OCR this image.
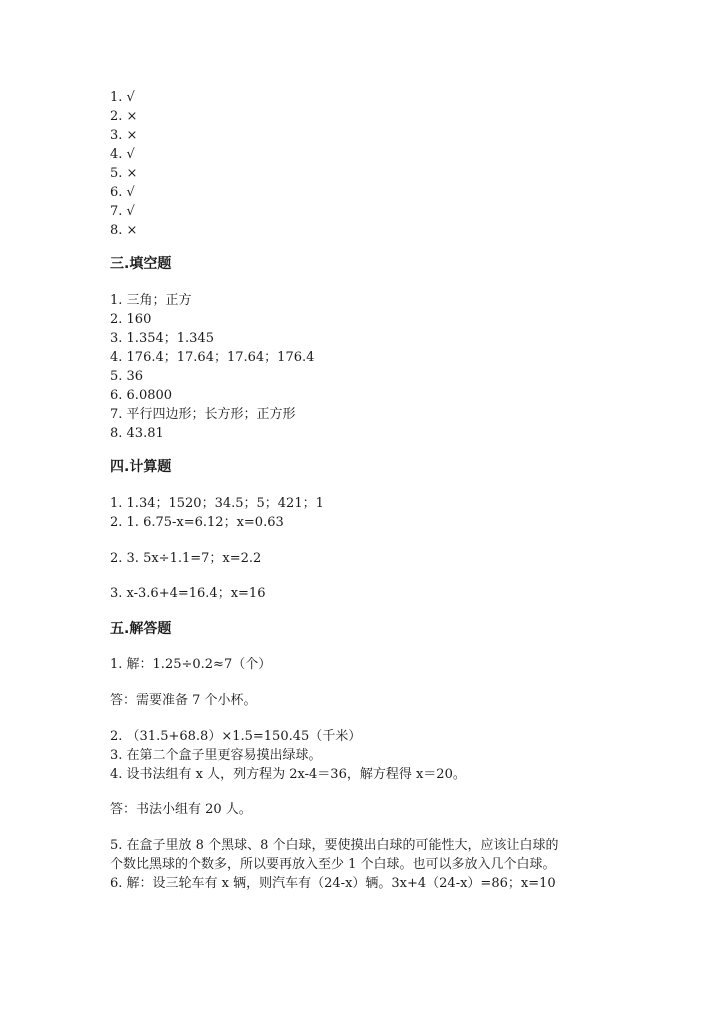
1. √
2. ×
3. ×
4. √
5. ×
6. √
7. √
8. ×
三.填空题
1. 三角；正方
2. 160
3. 1.354；1.345
4. 176.4；17.64；17.64；176.4
5. 36
6. 6.0800
7. 平行四边形；长方形；正方形
8. 43.81
四.计算题
1. 1.34；1520；34.5；5；421；1
2. 1. 6.75-x=6.12；x=0.63
2. 3. 5x÷1.1=7；x=2.2
3. x-3.6+4=16.4；x=16
五.解答题
1. 解：1.25÷0.2≈7（个）
答：需要准备 7 个小杯。
2. （31.5+68.8）×1.5=150.45（千米）
3. 在第二个盒子里更容易摸出绿球。
4. 设书法组有 x 人，列方程为 2x-4＝36，解方程得 x＝20。
答：书法小组有 20 人。
5. 在盒子里放 8 个黑球、8 个白球，要使摸出白球的可能性大，应该让白球的
个数比黑球的个数多，所以要再放入至少 1 个白球。也可以多放入几个白球。
6. 解：设三轮车有 x 辆，则汽车有（24-x）辆。3x+4（24-x）=86；x=10
